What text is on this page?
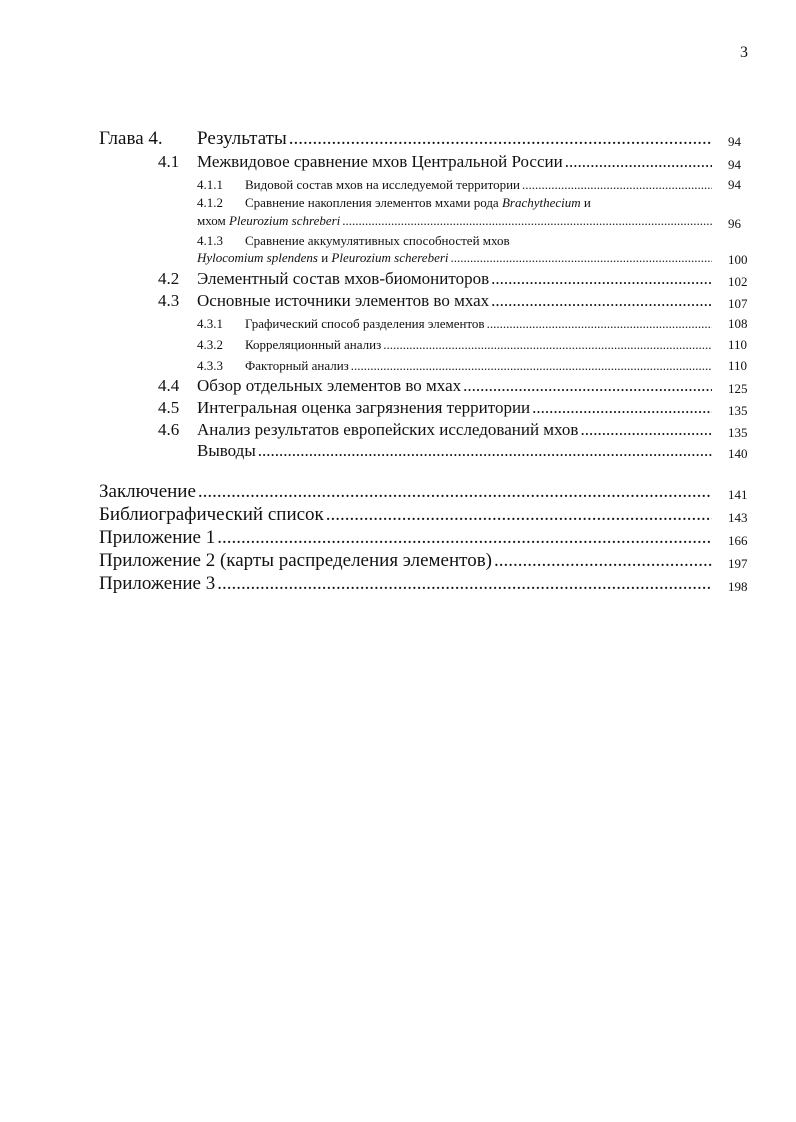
3
Глава 4. Результаты .....	94
4.1 Межвидовое сравнение мхов Центральной России .....	94
4.1.1 Видовой состав мхов на исследуемой территории .....	94
4.1.2 Сравнение накопления элементов мхами рода Brachythecium и
мхом Pleurozium schreberi .....	96
4.1.3 Сравнение аккумулятивных способностей мхов
Hylocomium splendens и Pleurozium schereberi .....	100
4.2 Элементный состав мхов-биомониторов .....	102
4.3 Основные источники элементов во мхах .....	107
4.3.1 Графический способ разделения элементов .....	108
4.3.2 Корреляционный анализ .....	110
4.3.3 Факторный анализ .....	110
4.4 Обзор отдельных элементов во мхах .....	125
4.5 Интегральная оценка загрязнения территории .....	135
4.6 Анализ результатов европейских исследований мхов .....	135
Выводы .....	140
Заключение .....	141
Библиографический список .....	143
Приложение 1 .....	166
Приложение 2 (карты распределения элементов) .....	197
Приложение 3 .....	198
